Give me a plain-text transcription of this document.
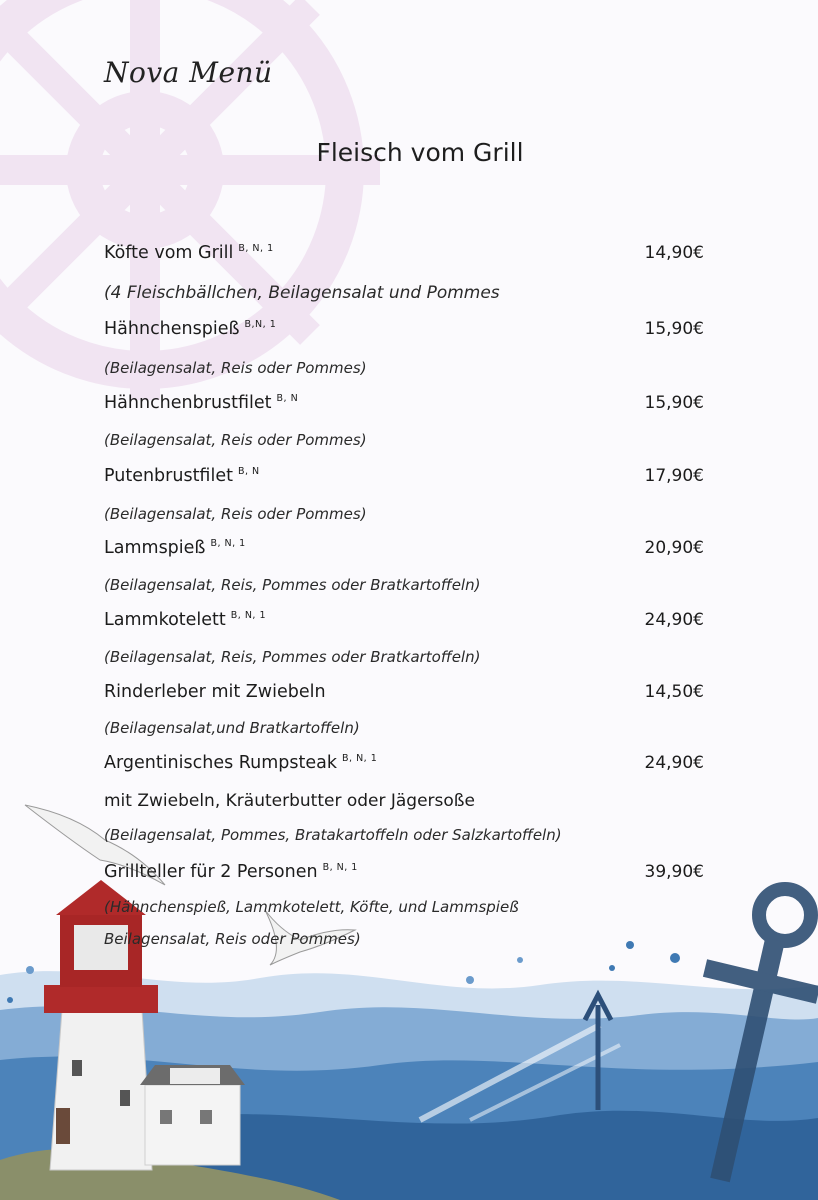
Nova Menü
Fleisch vom Grill
Köfte vom Grill $^{B, N, 1}$	14,90€
(4 Fleischbällchen, Beilagensalat und Pommes
Hähnchenspieß $^{B,N, 1}$	15,90€
(Beilagensalat, Reis oder Pommes)
Hähnchenbrustfilet $^{B, N}$	15,90€
(Beilagensalat, Reis oder Pommes)
Putenbrustfilet $^{B, N}$	17,90€
(Beilagensalat, Reis oder Pommes)
Lammspieß $^{B, N, 1}$	20,90€
(Beilagensalat, Reis, Pommes oder Bratkartoffeln)
Lammkotelett $^{B, N, 1}$	24,90€
(Beilagensalat, Reis, Pommes oder Bratkartoffeln)
Rinderleber mit Zwiebeln	14,50€
(Beilagensalat,und Bratkartoffeln)
Argentinisches Rumpsteak $^{B, N, 1}$	24,90€
mit Zwiebeln, Kräuterbutter oder Jägersoße
(Beilagensalat, Pommes, Bratakartoffeln oder Salzkartoffeln)
Grillteller für 2 Personen $^{B, N, 1}$	39,90€
(Hähnchenspieß, Lammkotelett, Köfte, und Lammspieß
Beilagensalat, Reis oder Pommes)
